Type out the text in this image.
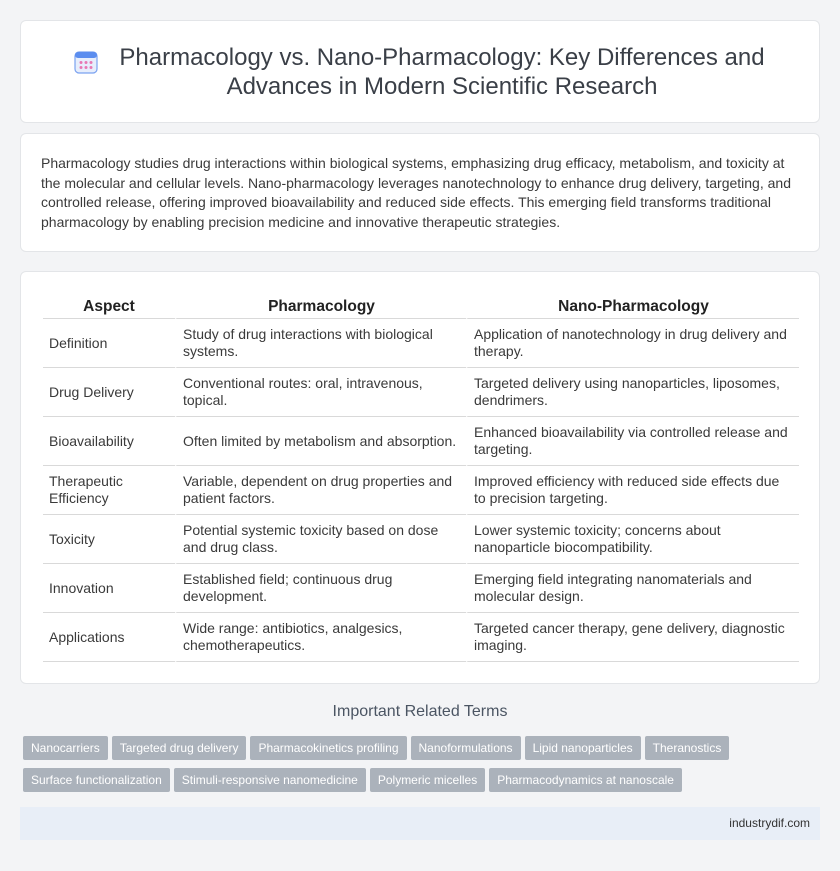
Pharmacology vs. Nano-Pharmacology: Key Differences and Advances in Modern Scientific Research

Pharmacology studies drug interactions within biological systems, emphasizing drug efficacy, metabolism, and toxicity at the molecular and cellular levels. Nano-pharmacology leverages nanotechnology to enhance drug delivery, targeting, and controlled release, offering improved bioavailability and reduced side effects. This emerging field transforms traditional pharmacology by enabling precision medicine and innovative therapeutic strategies.

Aspect	Pharmacology	Nano-Pharmacology
Definition	Study of drug interactions with biological systems.	Application of nanotechnology in drug delivery and therapy.
Drug Delivery	Conventional routes: oral, intravenous, topical.	Targeted delivery using nanoparticles, liposomes, dendrimers.
Bioavailability	Often limited by metabolism and absorption.	Enhanced bioavailability via controlled release and targeting.
Therapeutic Efficiency	Variable, dependent on drug properties and patient factors.	Improved efficiency with reduced side effects due to precision targeting.
Toxicity	Potential systemic toxicity based on dose and drug class.	Lower systemic toxicity; concerns about nanoparticle biocompatibility.
Innovation	Established field; continuous drug development.	Emerging field integrating nanomaterials and molecular design.
Applications	Wide range: antibiotics, analgesics, chemotherapeutics.	Targeted cancer therapy, gene delivery, diagnostic imaging.
Important Related Terms
Nanocarriers Targeted drug delivery Pharmacokinetics profiling Nanoformulations Lipid nanoparticles Theranostics
Surface functionalization Stimuli-responsive nanomedicine Polymeric micelles Pharmacodynamics at nanoscale
industrydif.com
